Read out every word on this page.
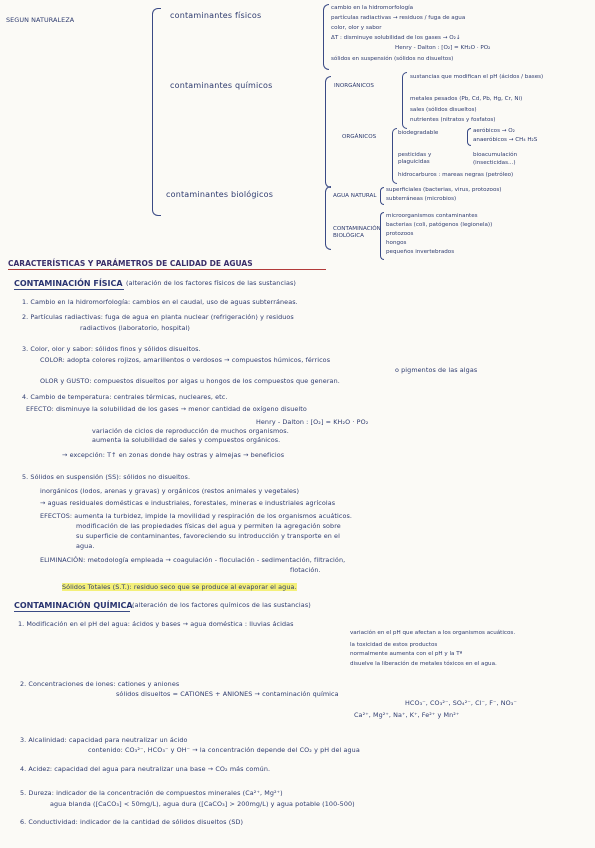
SEGUN NATURALEZA	contaminantes físicos
cambio en la hidromorfología
partículas radiactivas → residuos / fuga de agua
color, olor y sabor
ΔT : disminuye solubilidad de los gases → O₂↓
Henry - Dalton : [O₂] = KH₂O · PO₂
sólidos en suspensión (sólidos no disueltos)
contaminantes químicos	INORGÁNICOS
sustancias que modifican el pH (ácidos / bases)
metales pesados (Pb, Cd, Pb, Hg, Cr, Ni)
sales (sólidos disueltos)
nutrientes (nitratos y fosfatos)
ORGÁNICOS
biodegradable	aeróbicos → O₂
anaeróbicos → CH₄ H₂S
pesticidas y plaguicidas
bioacumulación
(insecticidas...)
hidrocarburos : mareas negras (petróleo)
contaminantes biológicos	AGUA NATURAL
superficiales (bacterias, virus, protozoos)
subterráneas (microbios)
CONTAMINACIÓN BIOLÓGICA
microorganismos contaminantes
bacterias (coli, patógenos (legionela))
protozoos
hongos
pequeños invertebrados
CARACTERÍSTICAS Y PARÁMETROS DE CALIDAD DE AGUAS
CONTAMINACIÓN FÍSICA (alteración de los factores físicos de las sustancias)
1. Cambio en la hidromorfología: cambios en el caudal, uso de aguas subterráneas.
2. Partículas radiactivas: fuga de agua en planta nuclear (refrigeración) y residuos
radiactivos (laboratorio, hospital)
3. Color, olor y sabor: sólidos finos y sólidos disueltos.
COLOR: adopta colores rojizos, amarillentos o verdosos → compuestos húmicos, férricos
o pigmentos de las algas
OLOR y GUSTO: compuestos disueltos por algas u hongos de los compuestos que generan.
4. Cambio de temperatura: centrales térmicas, nucleares, etc.
EFECTO: disminuye la solubilidad de los gases → menor cantidad de oxígeno disuelto
Henry - Dalton : [O₂] = KH₂O · PO₂
variación de ciclos de reproducción de muchos organismos.
aumenta la solubilidad de sales y compuestos orgánicos.
→ excepción: T↑ en zonas donde hay ostras y almejas → beneficios
5. Sólidos en suspensión (SS): sólidos no disueltos.
inorgánicos (lodos, arenas y gravas) y orgánicos (restos animales y vegetales)
→ aguas residuales domésticas e industriales, forestales, mineras e industriales agrícolas
EFECTOS: aumenta la turbidez, impide la movilidad y respiración de los organismos acuáticos.
modificación de las propiedades físicas del agua y permiten la agregación sobre
su superficie de contaminantes, favoreciendo su introducción y transporte en el
agua.
ELIMINACIÓN: metodología empleada → coagulación - floculación - sedimentación, filtración,
flotación.
Sólidos Totales (S.T.): residuo seco que se produce al evaporar el agua.
CONTAMINACIÓN QUÍMICA (alteración de los factores químicos de las sustancias)
1. Modificación en el pH del agua: ácidos y bases → agua doméstica : lluvias ácidas
variación en el pH que afectan a los organismos acuáticos.
la toxicidad de estos productos
normalmente aumenta con el pH y la Tª
disuelve la liberación de metales tóxicos en el agua.
2. Concentraciones de iones: cationes y aniones
sólidos disueltos = CATIONES + ANIONES → contaminación química
HCO₃⁻, CO₃²⁻, SO₄²⁻, Cl⁻, F⁻, NO₃⁻
Ca²⁺, Mg²⁺, Na⁺, K⁺, Fe²⁺ y Mn²⁺
3. Alcalinidad: capacidad para neutralizar un ácido
contenido: CO₃²⁻, HCO₃⁻ y OH⁻ → la concentración depende del CO₂ y pH del agua
4. Acidez: capacidad del agua para neutralizar una base → CO₂ más común.
5. Dureza: indicador de la concentración de compuestos minerales (Ca²⁺, Mg²⁺)
agua blanda ([CaCO₃] < 50mg/L), agua dura ([CaCO₃] > 200mg/L) y agua potable (100-500)
6. Conductividad: indicador de la cantidad de sólidos disueltos (SD)
